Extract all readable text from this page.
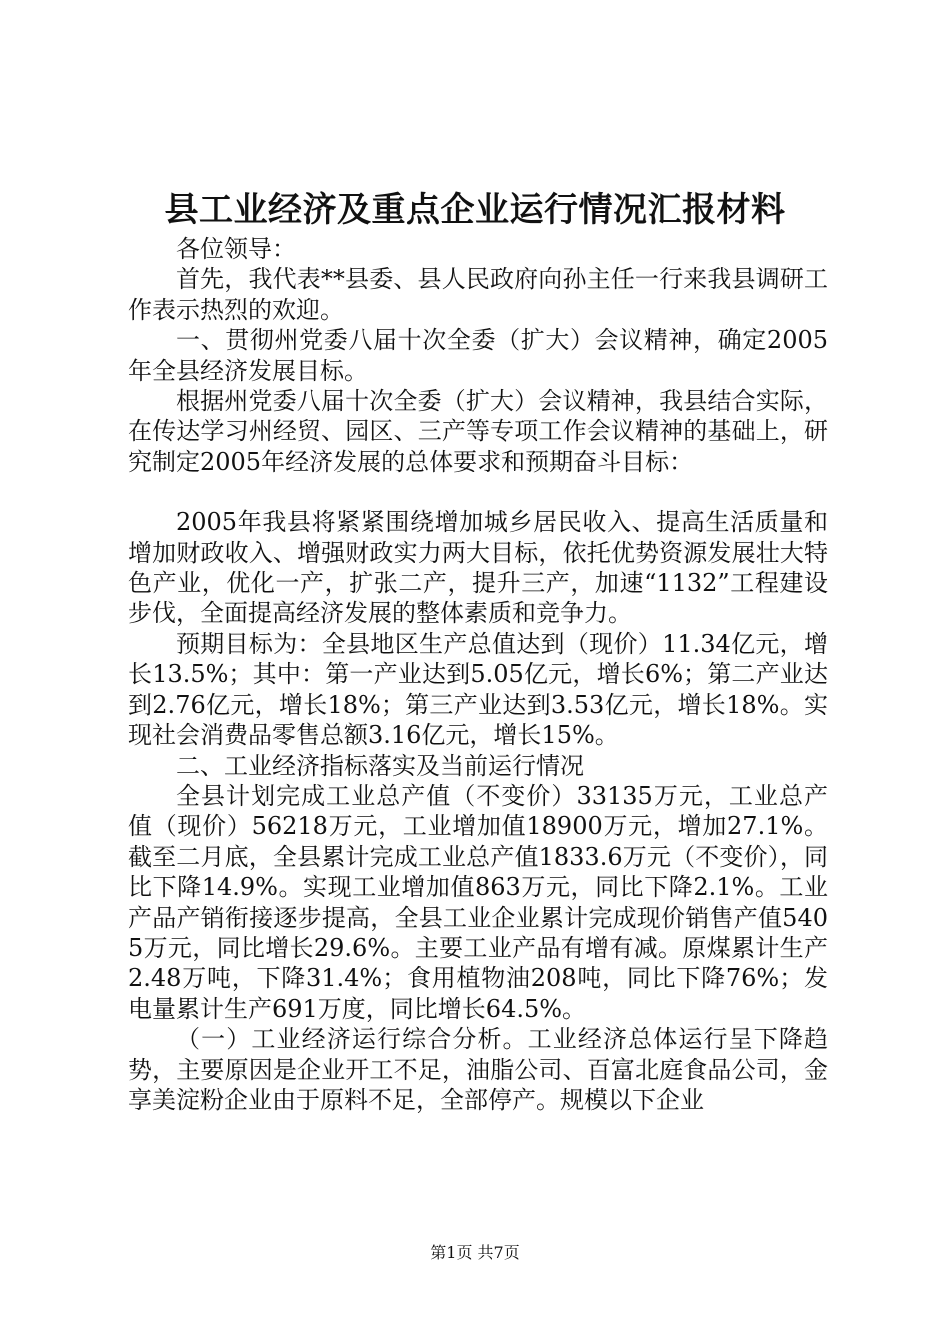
县工业经济及重点企业运行情况汇报材料

各位领导：

首先，我代表**县委、县人民政府向孙主任一行来我县调研工作表示热烈的欢迎。

一、贯彻州党委八届十次全委（扩大）会议精神，确定2005年全县经济发展目标。

根据州党委八届十次全委（扩大）会议精神，我县结合实际，在传达学习州经贸、园区、三产等专项工作会议精神的基础上，研究制定2005年经济发展的总体要求和预期奋斗目标：

2005年我县将紧紧围绕增加城乡居民收入、提高生活质量和增加财政收入、增强财政实力两大目标，依托优势资源发展壮大特色产业，优化一产，扩张二产，提升三产，加速“1132”工程建设步伐，全面提高经济发展的整体素质和竞争力。

预期目标为：全县地区生产总值达到（现价）11.34亿元，增长13.5%；其中：第一产业达到5.05亿元，增长6%；第二产业达到2.76亿元，增长18%；第三产业达到3.53亿元，增长18%。实现社会消费品零售总额3.16亿元，增长15%。

二、工业经济指标落实及当前运行情况

全县计划完成工业总产值（不变价）33135万元，工业总产值（现价）56218万元，工业增加值18900万元，增加27.1%。截至二月底，全县累计完成工业总产值1833.6万元（不变价），同比下降14.9%。实现工业增加值863万元，同比下降2.1%。工业产品产销衔接逐步提高，全县工业企业累计完成现价销售产值5405万元，同比增长29.6%。主要工业产品有增有减。原煤累计生产2.48万吨，下降31.4%；食用植物油208吨，同比下降76%；发电量累计生产691万度，同比增长64.5%。

（一）工业经济运行综合分析。工业经济总体运行呈下降趋势，主要原因是企业开工不足，油脂公司、百富北庭食品公司，金享美淀粉企业由于原料不足，全部停产。规模以下企业

第1页 共7页
